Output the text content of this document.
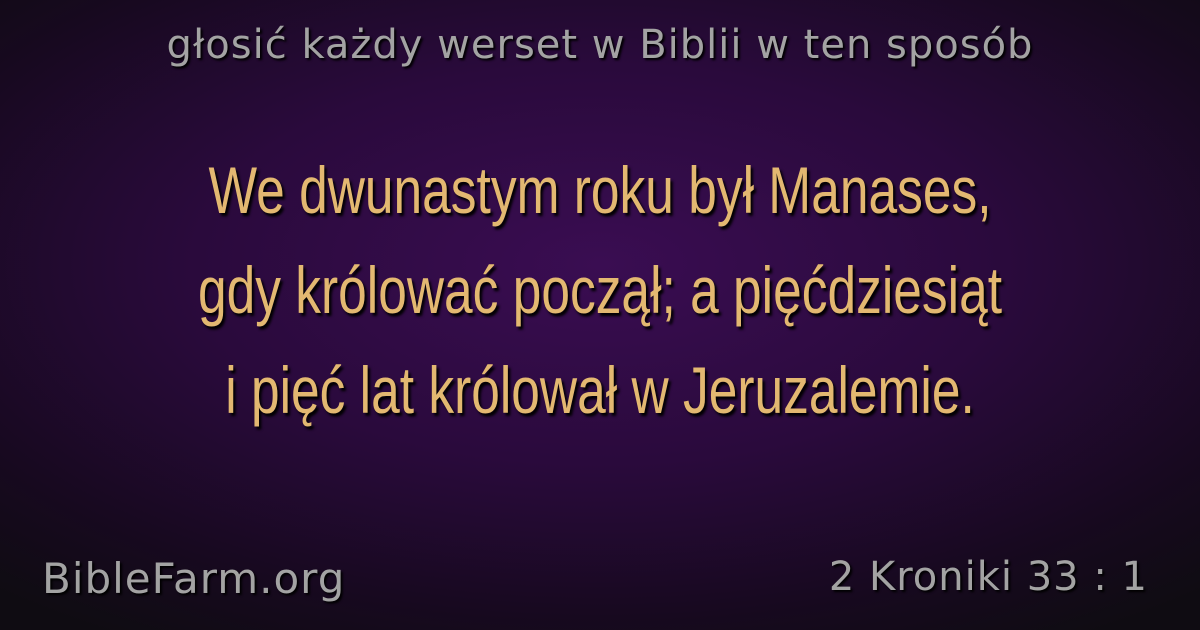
głosić każdy werset w Biblii w ten sposób
We dwunastym roku był Manases,
gdy królować począł; a pięćdziesiąt
i pięć lat królował w Jeruzalemie.
BibleFarm.org	2 Kroniki 33 : 1
